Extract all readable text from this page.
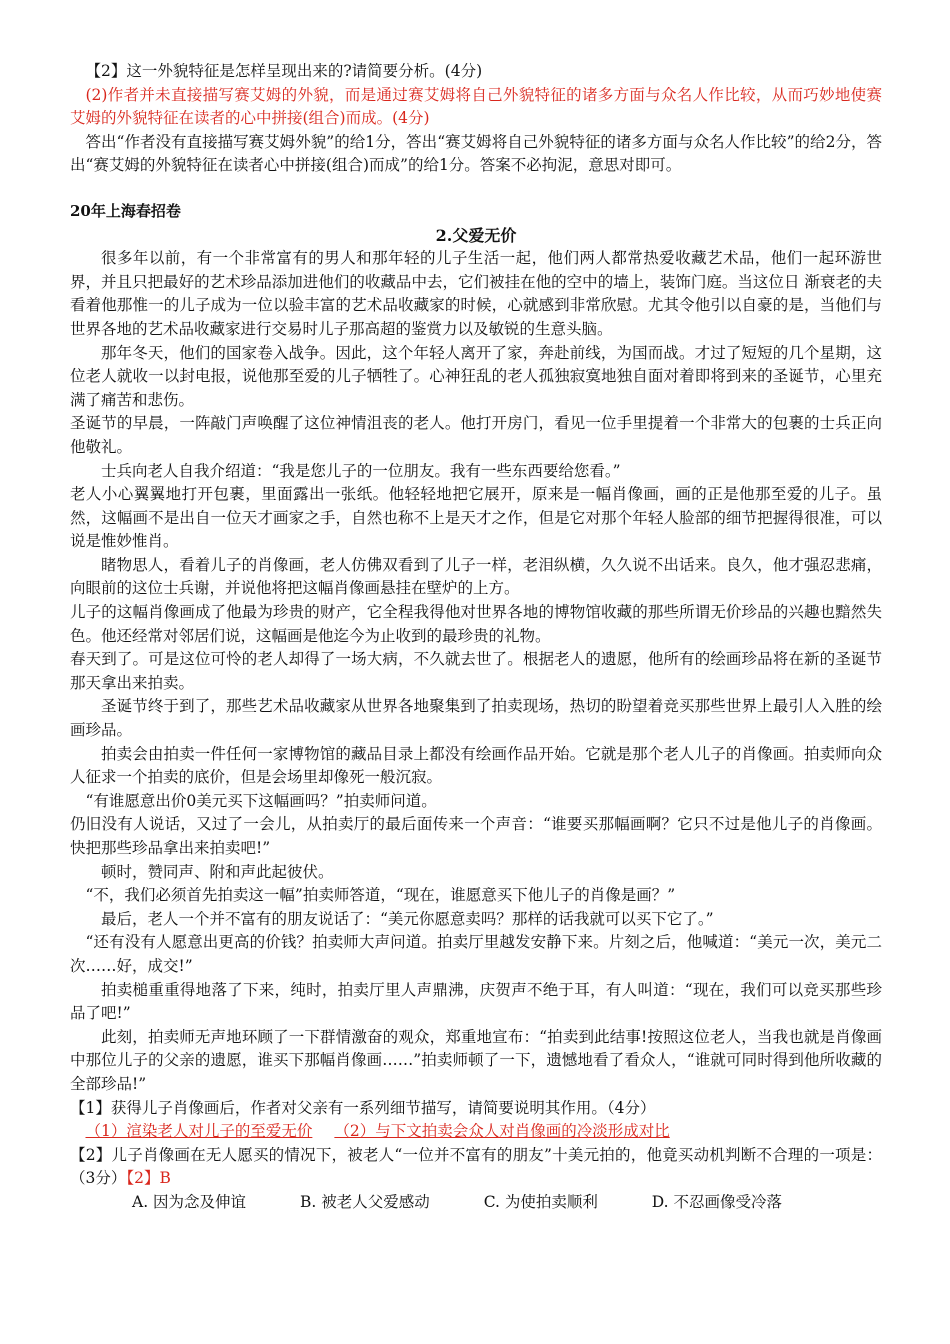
【2】这一外貌特征是怎样呈现出来的?请简要分析。(4分)

(2)作者并未直接描写赛艾姆的外貌，而是通过赛艾姆将自己外貌特征的诸多方面与众名人作比较，从而巧妙地使赛艾姆的外貌特征在读者的心中拼接(组合)而成。(4分)

答出“作者没有直接描写赛艾姆外貌”的给1分，答出“赛艾姆将自己外貌特征的诸多方面与众名人作比较”的给2分，答出“赛艾姆的外貌特征在读者心中拼接(组合)而成”的给1分。答案不必拘泥，意思对即可。

20年上海春招卷

2.父爱无价

很多年以前，有一个非常富有的男人和那年轻的儿子生活一起，他们两人都常热爱收藏艺术品，他们一起环游世界，并且只把最好的艺术珍品添加进他们的收藏品中去，它们被挂在他的空中的墙上，装饰门庭。当这位日 渐衰老的夫看着他那惟一的儿子成为一位以验丰富的艺术品收藏家的时候，心就感到非常欣慰。尤其令他引以自豪的是，当他们与世界各地的艺术品收藏家进行交易时儿子那高超的鉴赏力以及敏锐的生意头脑。

那年冬天，他们的国家卷入战争。因此，这个年轻人离开了家，奔赴前线，为国而战。才过了短短的几个星期，这位老人就收一以封电报，说他那至爱的儿子牺牲了。心神狂乱的老人孤独寂寞地独自面对着即将到来的圣诞节，心里充满了痛苦和悲伤。

圣诞节的早晨，一阵敲门声唤醒了这位神情沮丧的老人。他打开房门，看见一位手里提着一个非常大的包裹的士兵正向他敬礼。

士兵向老人自我介绍道：“我是您儿子的一位朋友。我有一些东西要给您看。”

老人小心翼翼地打开包裹，里面露出一张纸。他轻轻地把它展开，原来是一幅肖像画，画的正是他那至爱的儿子。虽然，这幅画不是出自一位天才画家之手，自然也称不上是天才之作，但是它对那个年轻人脸部的细节把握得很准，可以说是惟妙惟肖。

睹物思人，看着儿子的肖像画，老人仿佛双看到了儿子一样，老泪纵横，久久说不出话来。良久，他才强忍悲痛，向眼前的这位士兵谢，并说他将把这幅肖像画悬挂在壁炉的上方。

儿子的这幅肖像画成了他最为珍贵的财产，它全程我得他对世界各地的博物馆收藏的那些所谓无价珍品的兴趣也黯然失色。他还经常对邻居们说，这幅画是他迄今为止收到的最珍贵的礼物。

春天到了。可是这位可怜的老人却得了一场大病，不久就去世了。根据老人的遗愿，他所有的绘画珍品将在新的圣诞节那天拿出来拍卖。

圣诞节终于到了，那些艺术品收藏家从世界各地聚集到了拍卖现场，热切的盼望着竞买那些世界上最引人入胜的绘画珍品。

拍卖会由拍卖一件任何一家博物馆的藏品目录上都没有绘画作品开始。它就是那个老人儿子的肖像画。拍卖师向众人征求一个拍卖的底价，但是会场里却像死一般沉寂。

“有谁愿意出价0美元买下这幅画吗？”拍卖师问道。

仍旧没有人说话，又过了一会儿，从拍卖厅的最后面传来一个声音：“谁要买那幅画啊？它只不过是他儿子的肖像画。快把那些珍品拿出来拍卖吧!”

顿时，赞同声、附和声此起彼伏。

“不，我们必须首先拍卖这一幅”拍卖师答道，“现在，谁愿意买下他儿子的肖像是画？”

最后，老人一个并不富有的朋友说话了：“美元你愿意卖吗？那样的话我就可以买下它了。”

“还有没有人愿意出更高的价钱？拍卖师大声问道。拍卖厅里越发安静下来。片刻之后，他喊道：“美元一次，美元二次……好，成交!”

拍卖槌重重得地落了下来，纯时，拍卖厅里人声鼎沸，庆贺声不绝于耳，有人叫道：“现在，我们可以竞买那些珍品了吧!”

此刻，拍卖师无声地环顾了一下群情激奋的观众，郑重地宣布：“拍卖到此结事!按照这位老人，当我也就是肖像画中那位儿子的父亲的遗愿，谁买下那幅肖像画……”拍卖师顿了一下，遗憾地看了看众人，“谁就可同时得到他所收藏的全部珍品!”

【1】获得儿子肖像画后，作者对父亲有一系列细节描写，请简要说明其作用。（4分）

（1）渲染老人对儿子的至爱无价 （2）与下文拍卖会众人对肖像画的冷淡形成对比

【2】儿子肖像画在无人愿买的情况下，被老人“一位并不富有的朋友”十美元拍的，他竟买动机判断不合理的一项是：（3分）【2】B

A. 因为念及伸谊	B. 被老人父爱感动	C. 为使拍卖顺利	D. 不忍画像受冷落
